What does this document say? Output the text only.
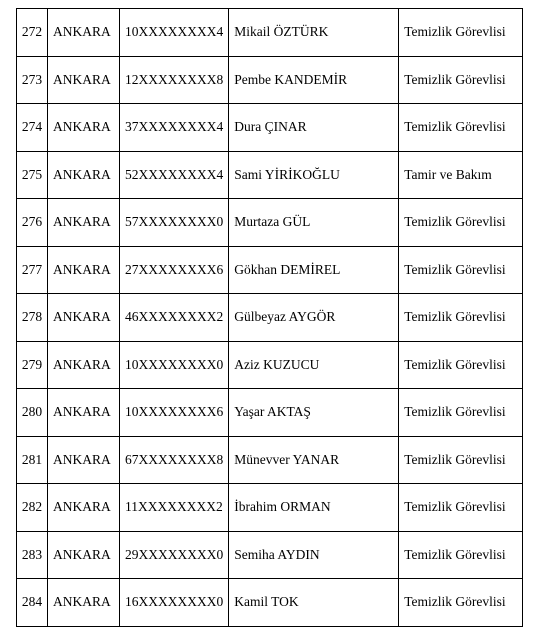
272	ANKARA	10XXXXXXXX4	Mikail ÖZTÜRK	Temizlik Görevlisi
273	ANKARA	12XXXXXXXX8	Pembe KANDEMİR	Temizlik Görevlisi
274	ANKARA	37XXXXXXXX4	Dura ÇINAR	Temizlik Görevlisi
275	ANKARA	52XXXXXXXX4	Sami YİRİKOĞLU	Tamir ve Bakım
276	ANKARA	57XXXXXXXX0	Murtaza GÜL	Temizlik Görevlisi
277	ANKARA	27XXXXXXXX6	Gökhan DEMİREL	Temizlik Görevlisi
278	ANKARA	46XXXXXXXX2	Gülbeyaz AYGÖR	Temizlik Görevlisi
279	ANKARA	10XXXXXXXX0	Aziz KUZUCU	Temizlik Görevlisi
280	ANKARA	10XXXXXXXX6	Yaşar AKTAŞ	Temizlik Görevlisi
281	ANKARA	67XXXXXXXX8	Münevver YANAR	Temizlik Görevlisi
282	ANKARA	11XXXXXXXX2	İbrahim ORMAN	Temizlik Görevlisi
283	ANKARA	29XXXXXXXX0	Semiha AYDIN	Temizlik Görevlisi
284	ANKARA	16XXXXXXXX0	Kamil TOK	Temizlik Görevlisi
